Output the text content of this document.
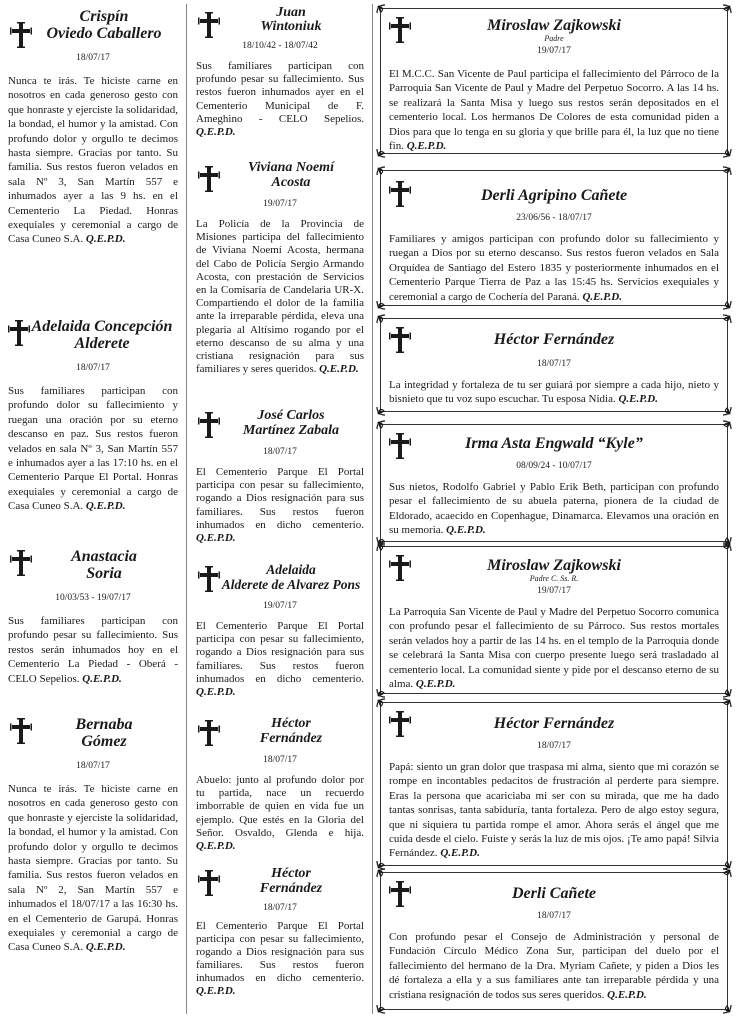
Crispín

Oviedo Caballero

18/07/17

Nunca te irás. Te hiciste carne en nosotros en cada generoso gesto con que honraste y ejerciste la solidaridad, la bondad, el humor y la amistad. Con profundo dolor y orgullo te decimos hasta siempre. Gracias por tanto. Su familia. Sus restos fueron velados en sala Nº 3, San Martín 557 e inhumados ayer a las 9 hs. en el Cementerio La Piedad. Honras exequiales y ceremonial a cargo de Casa Cuneo S.A. Q.E.P.D.

Adelaida Concepción

Alderete

18/07/17

Sus familiares participan con profundo dolor su fallecimiento y ruegan una oración por su eterno descanso en paz. Sus restos fueron velados en sala Nº 3, San Martín 557 e inhumados ayer a las 17:10 hs. en el Cementerio Parque El Portal. Honras exequiales y ceremonial a cargo de Casa Cuneo S.A. Q.E.P.D.

Anastacia

Soria

10/03/53 - 19/07/17

Sus familiares participan con profundo pesar su fallecimiento. Sus restos serán inhumados hoy en el Cementerio La Piedad - Oberá - CELO Sepelios. Q.E.P.D.

Bernaba

Gómez

18/07/17

Nunca te irás. Te hiciste carne en nosotros en cada generoso gesto con que honraste y ejerciste la solidaridad, la bondad, el humor y la amistad. Con profundo dolor y orgullo te decimos hasta siempre. Gracias por tanto. Su familia. Sus restos fueron velados en sala Nº 2, San Martín 557 e inhumados el 18/07/17 a las 16:30 hs. en el Cementerio de Garupá. Honras exequiales y ceremonial a cargo de Casa Cuneo S.A. Q.E.P.D.

Juan

Wintoniuk

18/10/42 - 18/07/42

Sus familiares participan con profundo pesar su fallecimiento. Sus restos fueron inhumados ayer en el Cementerio Municipal de F. Ameghino - CELO Sepelios. Q.E.P.D.

Viviana Noemí

Acosta

19/07/17

La Policía de la Provincia de Misiones participa del fallecimiento de Viviana Noemí Acosta, hermana del Cabo de Policía Sergio Armando Acosta, con prestación de Servicios en la Comisaría de Candelaria UR-X. Compartiendo el dolor de la familia ante la irreparable pérdida, eleva una plegaria al Altísimo rogando por el eterno descanso de su alma y una cristiana resignación para sus familiares y seres queridos. Q.E.P.D.

José Carlos

Martínez Zabala

18/07/17

El Cementerio Parque El Portal participa con pesar su fallecimiento, rogando a Dios resignación para sus familiares. Sus restos fueron inhumados en dicho cementerio. Q.E.P.D.

Adelaida

Alderete de Alvarez Pons

19/07/17

El Cementerio Parque El Portal participa con pesar su fallecimiento, rogando a Dios resignación para sus familiares. Sus restos fueron inhumados en dicho cementerio. Q.E.P.D.

Héctor

Fernández

18/07/17

Abuelo: junto al profundo dolor por tu partida, nace un recuerdo imborrable de quien en vida fue un ejemplo. Que estés en la Gloria del Señor. Osvaldo, Glenda e hija. Q.E.P.D.

Héctor

Fernández

18/07/17

El Cementerio Parque El Portal participa con pesar su fallecimiento, rogando a Dios resignación para sus familiares. Sus restos fueron inhumados en dicho cementerio. Q.E.P.D.

Miroslaw Zajkowski

Padre

19/07/17

El M.C.C. San Vicente de Paul participa el fallecimiento del Párroco de la Parroquia San Vicente de Paul y Madre del Perpetuo Socorro. A las 14 hs. se realizará la Santa Misa y luego sus restos serán depositados en el cementerio local. Los hermanos De Colores de esta comunidad piden a Dios para que lo tenga en su gloria y que brille para él, la luz que no tiene fin. Q.E.P.D.

Derli Agripino Cañete

23/06/56 - 18/07/17

Familiares y amigos participan con profundo dolor su fallecimiento y ruegan a Dios por su eterno descanso. Sus restos fueron velados en Sala Orquídea de Santiago del Estero 1835 y posteriormente inhumados en el Cementerio Parque Tierra de Paz a las 15:45 hs. Servicios exequiales y ceremonial a cargo de Cochería del Paraná. Q.E.P.D.

Héctor Fernández

18/07/17

La integridad y fortaleza de tu ser guiará por siempre a cada hijo, nieto y bisnieto que tu voz supo escuchar. Tu esposa Nidia. Q.E.P.D.

Irma Asta Engwald “Kyle”

08/09/24 - 10/07/17

Sus nietos, Rodolfo Gabriel y Pablo Erik Beth, participan con profundo pesar el fallecimiento de su abuela paterna, pionera de la ciudad de Eldorado, acaecido en Copenhague, Dinamarca. Elevamos una oración en su memoria. Q.E.P.D.

Miroslaw Zajkowski

Padre C. Ss. R.

19/07/17

La Parroquia San Vicente de Paul y Madre del Perpetuo Socorro comunica con profundo pesar el fallecimiento de su Párroco. Sus restos mortales serán velados hoy a partir de las 14 hs. en el templo de la Parroquia donde se celebrará la Santa Misa con cuerpo presente luego será trasladado al cementerio local. La comunidad siente y pide por el descanso eterno de su alma. Q.E.P.D.

Héctor Fernández

18/07/17

Papá: siento un gran dolor que traspasa mi alma, siento que mi corazón se rompe en incontables pedacitos de frustración al perderte para siempre. Eras la persona que acariciaba mi ser con su mirada, que me ha dado tantas sonrisas, tanta sabiduría, tanta fortaleza. Pero de algo estoy segura, que ni siquiera tu partida rompe el amor. Ahora serás el ángel que me cuida desde el cielo. Fuiste y serás la luz de mis ojos. ¡Te amo papá! Silvia Fernández. Q.E.P.D.

Derli Cañete

18/07/17

Con profundo pesar el Consejo de Administración y personal de Fundación Círculo Médico Zona Sur, participan del duelo por el fallecimiento del hermano de la Dra. Myriam Cañete, y piden a Dios les dé fortaleza a ella y a sus familiares ante tan irreparable pérdida y una cristiana resignación de todos sus seres queridos. Q.E.P.D.
